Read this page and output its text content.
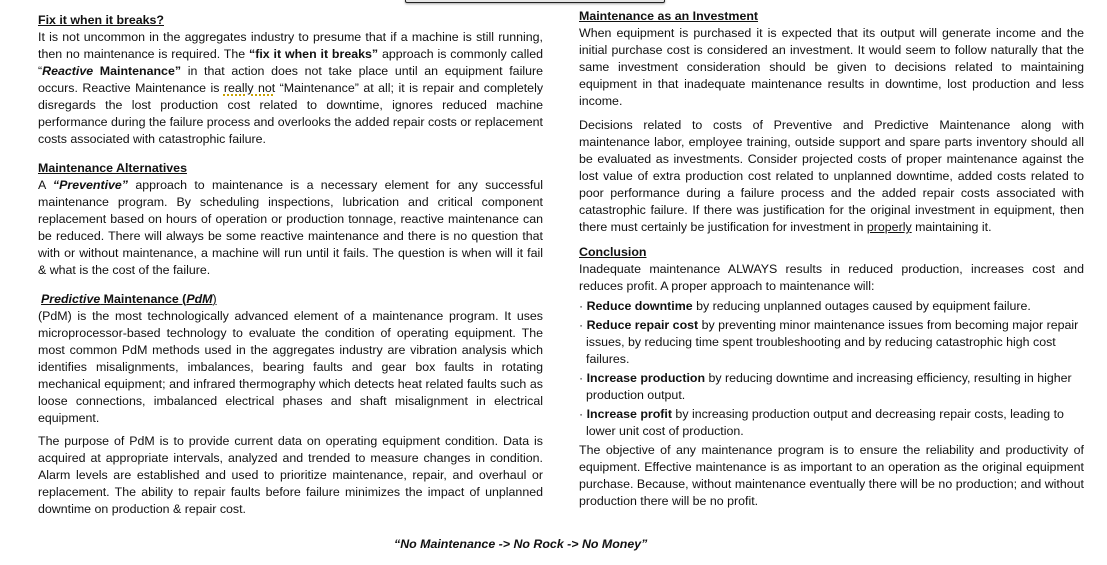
Fix it when it breaks?

It is not uncommon in the aggregates industry to presume that if a machine is still running, then no maintenance is required. The “fix it when it breaks” approach is commonly called “Reactive Maintenance” in that action does not take place until an equipment failure occurs. Reactive Maintenance is really not “Maintenance” at all; it is repair and completely disregards the lost production cost related to downtime, ignores reduced machine performance during the failure process and overlooks the added repair costs or replacement costs associated with catastrophic failure.

Maintenance Alternatives

A “Preventive” approach to maintenance is a necessary element for any successful maintenance program. By scheduling inspections, lubrication and critical component replacement based on hours of operation or production tonnage, reactive maintenance can be reduced. There will always be some reactive maintenance and there is no question that with or without maintenance, a machine will run until it fails. The question is when will it fail & what is the cost of the failure.

Predictive Maintenance (PdM)

(PdM) is the most technologically advanced element of a maintenance program. It uses microprocessor-based technology to evaluate the condition of operating equipment. The most common PdM methods used in the aggregates industry are vibration analysis which identifies misalignments, imbalances, bearing faults and gear box faults in rotating mechanical equipment; and infrared thermography which detects heat related faults such as loose connections, imbalanced electrical phases and shaft misalignment in electrical equipment.

The purpose of PdM is to provide current data on operating equipment condition. Data is acquired at appropriate intervals, analyzed and trended to measure changes in condition. Alarm levels are established and used to prioritize maintenance, repair, and overhaul or replacement. The ability to repair faults before failure minimizes the impact of unplanned downtime on production & repair cost.

Maintenance as an Investment

When equipment is purchased it is expected that its output will generate income and the initial purchase cost is considered an investment. It would seem to follow naturally that the same investment consideration should be given to decisions related to maintaining equipment in that inadequate maintenance results in downtime, lost production and less income.

Decisions related to costs of Preventive and Predictive Maintenance along with maintenance labor, employee training, outside support and spare parts inventory should all be evaluated as investments. Consider projected costs of proper maintenance against the lost value of extra production cost related to unplanned downtime, added costs related to poor performance during a failure process and the added repair costs associated with catastrophic failure. If there was justification for the original investment in equipment, then there must certainly be justification for investment in properly maintaining it.

Conclusion

Inadequate maintenance ALWAYS results in reduced production, increases cost and reduces profit. A proper approach to maintenance will:

· Reduce downtime by reducing unplanned outages caused by equipment failure.

· Reduce repair cost by preventing minor maintenance issues from becoming major repair issues, by reducing time spent troubleshooting and by reducing catastrophic high cost failures.

· Increase production by reducing downtime and increasing efficiency, resulting in higher production output.

· Increase profit by increasing production output and decreasing repair costs, leading to lower unit cost of production.

The objective of any maintenance program is to ensure the reliability and productivity of equipment. Effective maintenance is as important to an operation as the original equipment purchase. Because, without maintenance eventually there will be no production; and without production there will be no profit.

“No Maintenance -> No Rock -> No Money”
